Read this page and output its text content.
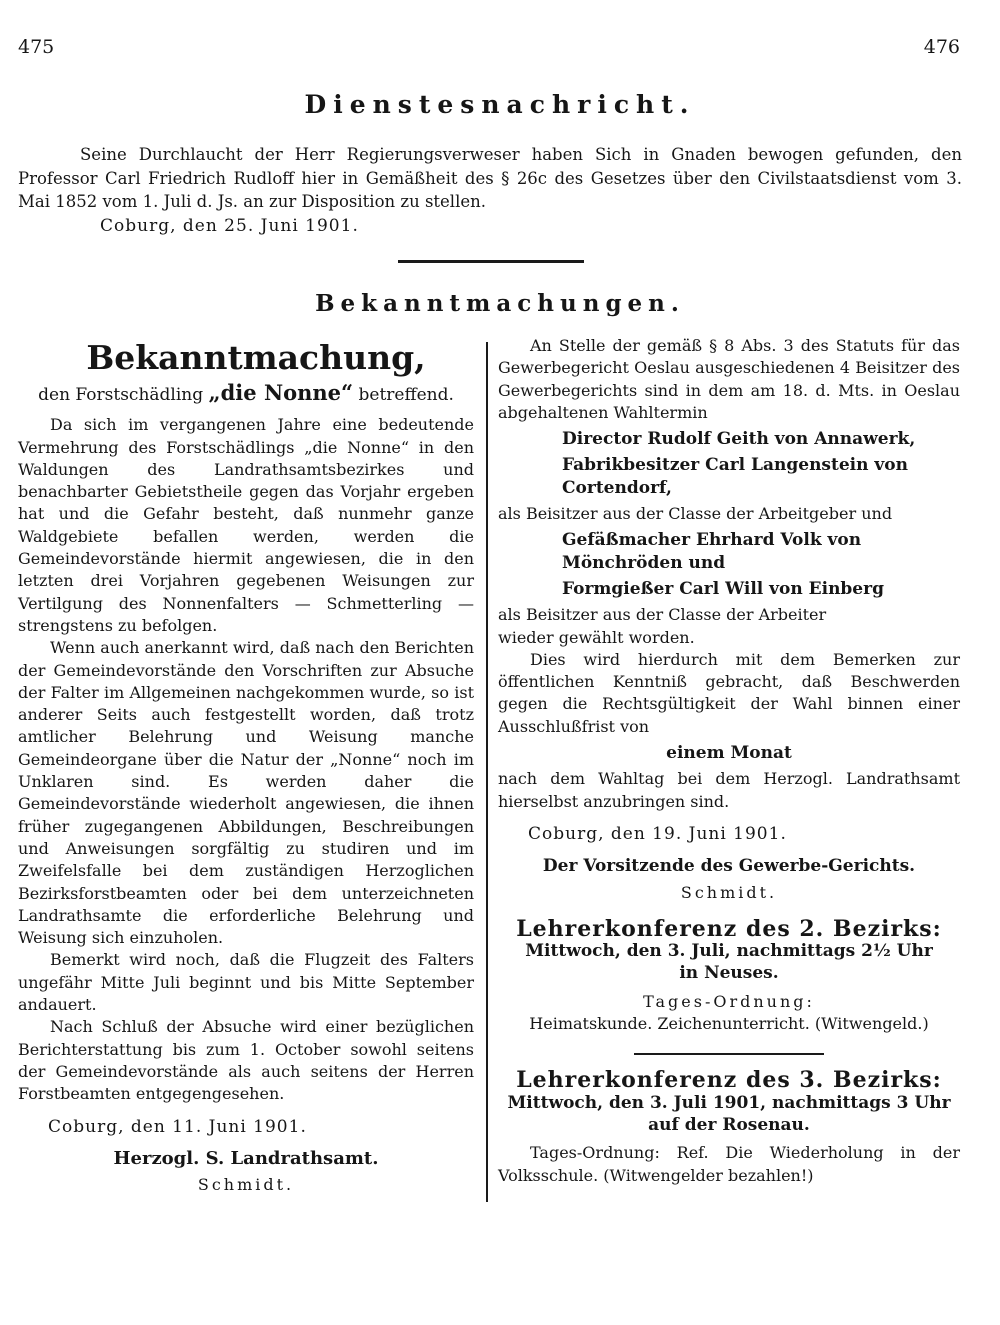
475	476
Dienstesnachricht.
Seine Durchlaucht der Herr Regierungsverweser haben Sich in Gnaden bewogen gefunden, den Professor Carl Friedrich Rudloff hier in Gemäßheit des § 26c des Gesetzes über den Civilstaatsdienst vom 3. Mai 1852 vom 1. Juli d. Js. an zur Disposition zu stellen.
Coburg, den 25. Juni 1901.
Bekanntmachungen.
Bekanntmachung,
den Forstschädling „die Nonne“ betreffend.

Da sich im vergangenen Jahre eine bedeutende Vermehrung des Forstschädlings „die Nonne“ in den Waldungen des Landrathsamtsbezirkes und benachbarter Gebietstheile gegen das Vorjahr ergeben hat und die Gefahr besteht, daß nunmehr ganze Waldgebiete befallen werden, werden die Gemeindevorstände hiermit angewiesen, die in den letzten drei Vorjahren gegebenen Weisungen zur Vertilgung des Nonnenfalters — Schmetterling — strengstens zu befolgen.

Wenn auch anerkannt wird, daß nach den Berichten der Gemeindevorstände den Vorschriften zur Absuche der Falter im Allgemeinen nachgekommen wurde, so ist anderer Seits auch festgestellt worden, daß trotz amtlicher Belehrung und Weisung manche Gemeindeorgane über die Natur der „Nonne“ noch im Unklaren sind. Es werden daher die Gemeindevorstände wiederholt angewiesen, die ihnen früher zugegangenen Abbildungen, Beschreibungen und Anweisungen sorgfältig zu studiren und im Zweifelsfalle bei dem zuständigen Herzoglichen Bezirksforstbeamten oder bei dem unterzeichneten Landrathsamte die erforderliche Belehrung und Weisung sich einzuholen.

Bemerkt wird noch, daß die Flugzeit des Falters ungefähr Mitte Juli beginnt und bis Mitte September andauert.

Nach Schluß der Absuche wird einer bezüglichen Berichterstattung bis zum 1. October sowohl seitens der Gemeindevorstände als auch seitens der Herren Forstbeamten entgegengesehen.

Coburg, den 11. Juni 1901.
Herzogl. S. Landrathsamt.
Schmidt.

An Stelle der gemäß § 8 Abs. 3 des Statuts für das Gewerbegericht Oeslau ausgeschiedenen 4 Beisitzer des Gewerbegerichts sind in dem am 18. d. Mts. in Oeslau abgehaltenen Wahltermin

Director Rudolf Geith von Annawerk,
Fabrikbesitzer Carl Langenstein von Cortendorf,

als Beisitzer aus der Classe der Arbeitgeber und

Gefäßmacher Ehrhard Volk von Mönchröden und
Formgießer Carl Will von Einberg

als Beisitzer aus der Classe der Arbeiter

wieder gewählt worden.

Dies wird hierdurch mit dem Bemerken zur öffentlichen Kenntniß gebracht, daß Beschwerden gegen die Rechtsgültigkeit der Wahl binnen einer Ausschlußfrist von

einem Monat

nach dem Wahltag bei dem Herzogl. Landrathsamt hierselbst anzubringen sind.

Coburg, den 19. Juni 1901.
Der Vorsitzende des Gewerbe-Gerichts.
Schmidt.
Lehrerkonferenz des 2. Bezirks:
Mittwoch, den 3. Juli, nachmittags 2½ Uhr
in Neuses.
Tages-Ordnung:
Heimatskunde. Zeichenunterricht. (Witwengeld.)
Lehrerkonferenz des 3. Bezirks:
Mittwoch, den 3. Juli 1901, nachmittags 3 Uhr
auf der Rosenau.

Tages-Ordnung: Ref. Die Wiederholung in der Volksschule. (Witwengelder bezahlen!)
